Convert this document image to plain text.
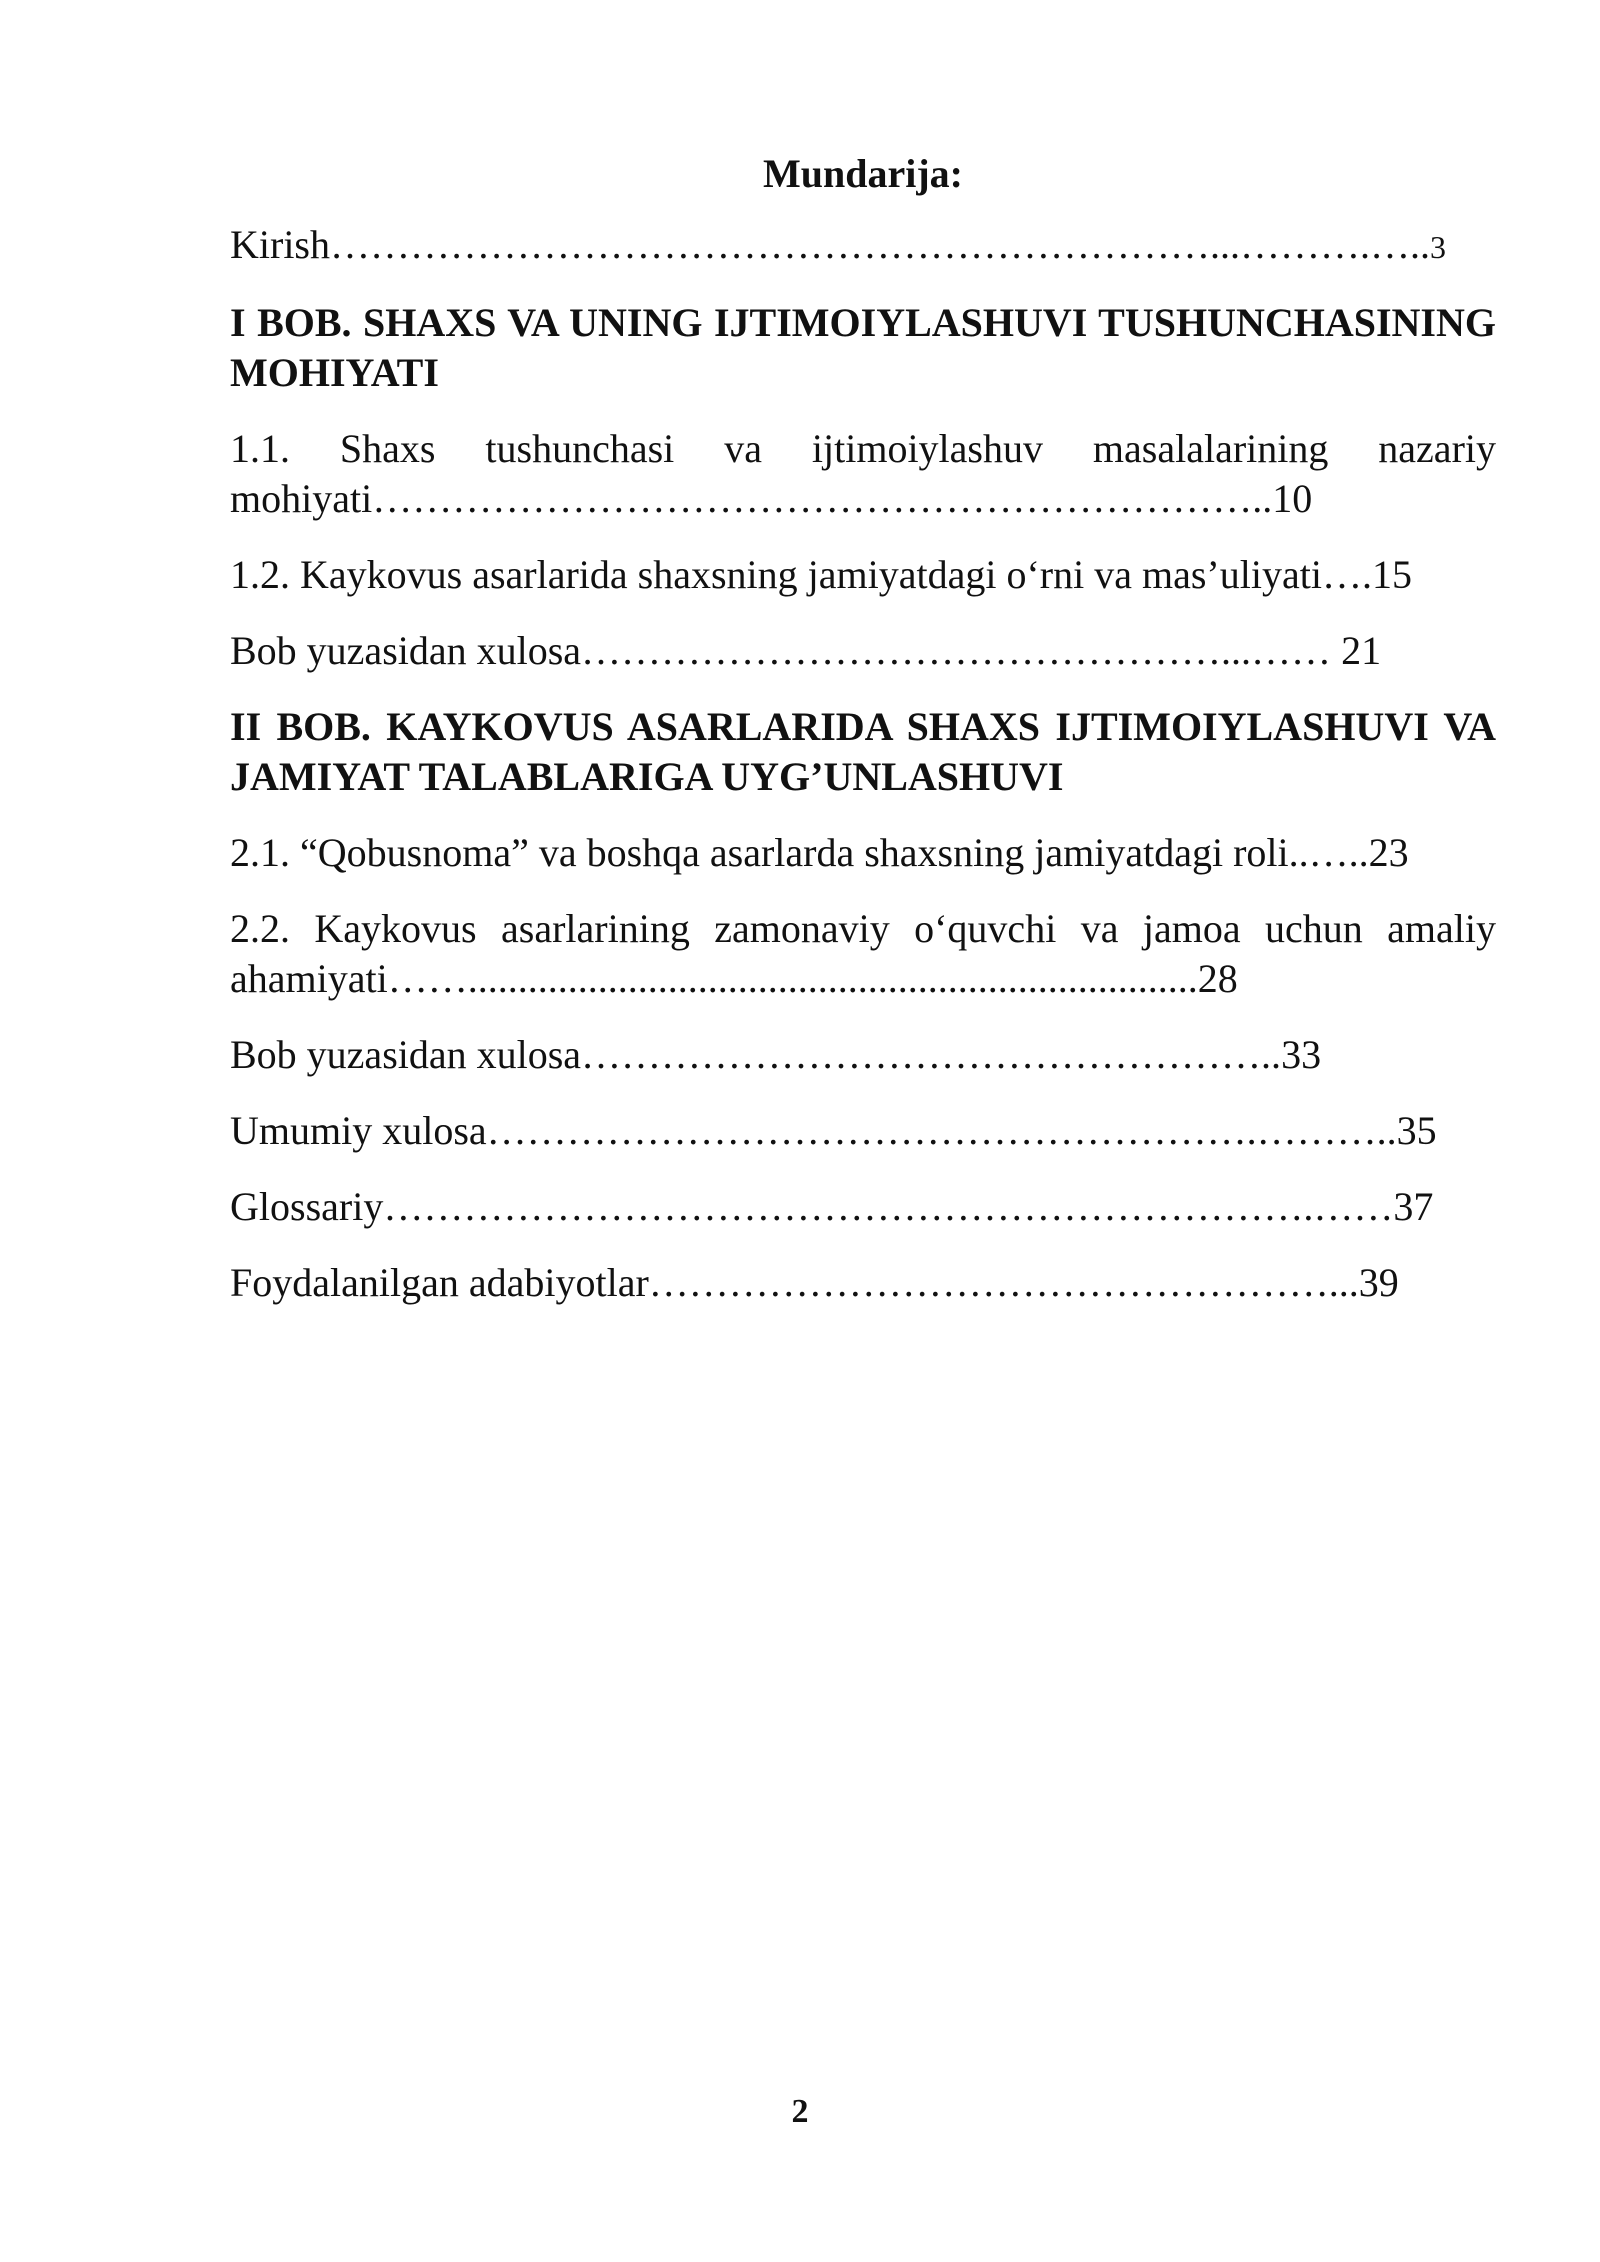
Mundarija:
Kirish…………………………………………………………...……….…..3
I BOB. SHAXS VA UNING IJTIMOIYLASHUVI TUSHUNCHASINING MOHIYATI
1.1. Shaxs tushunchasi va ijtimoiylashuv masalalarining nazariy mohiyati…………………………………………………………..10
1.2. Kaykovus asarlarida shaxsning jamiyatdagi o‘rni va mas’uliyati….15
Bob yuzasidan xulosa…………………………………………...…… 21
II BOB. KAYKOVUS ASARLARIDA SHAXS IJTIMOIYLASHUVI VA JAMIYAT TALABLARIGA UYG’UNLASHUVI
2.1. “Qobusnoma” va boshqa asarlarda shaxsning jamiyatdagi roli..…..23
2.2. Kaykovus asarlarining zamonaviy o‘quvchi va jamoa uchun amaliy ahamiyati…….........................................................................28
Bob yuzasidan xulosa……………………………………………..33
Umumiy xulosa………………………………………………….………..35
Glossariy…………………………………………………………….……37
Foydalanilgan adabiyotlar……………………………………………...39
2
